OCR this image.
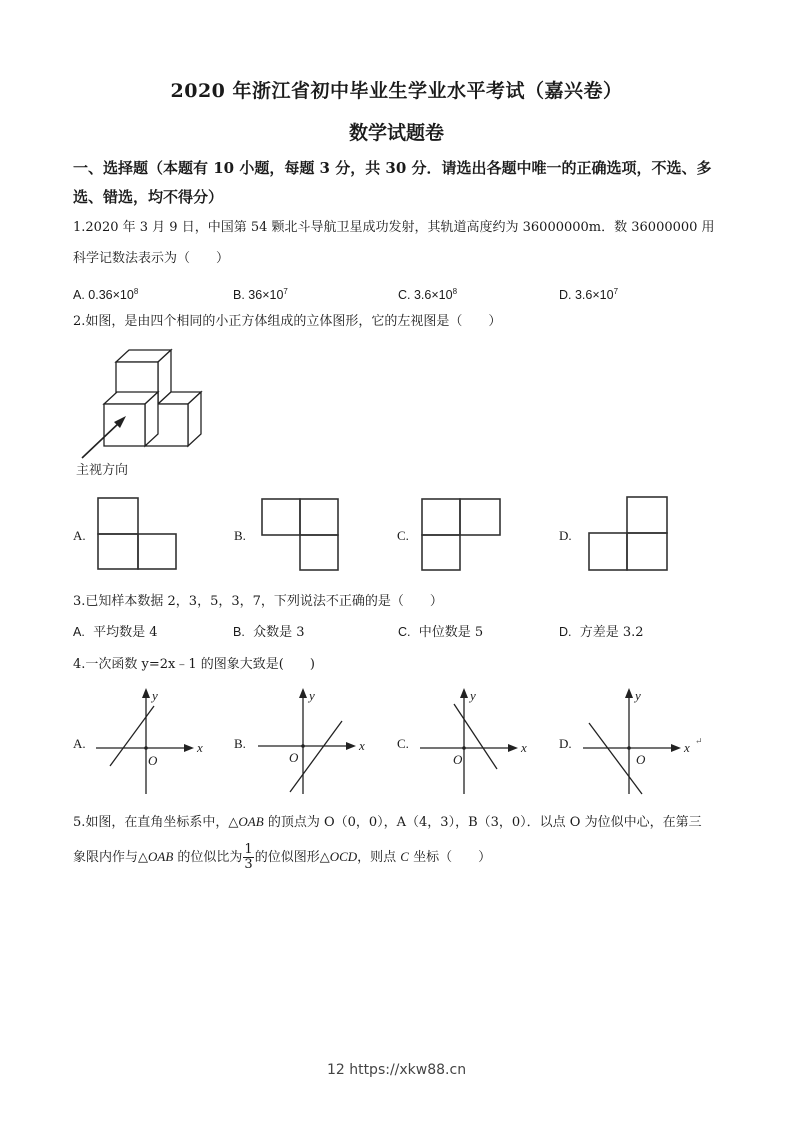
2020 年浙江省初中毕业生学业水平考试（嘉兴卷）
数学试题卷
一、选择题（本题有 10 小题，每题 3 分，共 30 分．请选出各题中唯一的正确选项，不选、多选、错选，均不得分）
1.2020 年 3 月 9 日，中国第 54 颗北斗导航卫星成功发射，其轨道高度约为 36000000m．数 36000000 用科学记数法表示为（　　）
A. $0.36\times 10^8$	B. $36\times 10^7$	C. $3.6\times 10^8$	D. $3.6\times 10^7$
2.如图，是由四个相同的小正方体组成的立体图形，它的左视图是（　　）
主视方向
A.	B.	C.	D.
3.已知样本数据 2，3，5，3，7，下列说法不正确的是（　　）
A. 平均数是 4	B. 众数是 3	C. 中位数是 5	D. 方差是 3.2
4.一次函数 y=2x﹣1 的图象大致是(　　)
A.
y
x
O
B.
y
x
O
C.
y
x
O
D.
y
x
O
↵
5.如图，在直角坐标系中，△OAB 的顶点为 O（0，0），A（4，3），B（3，0）．以点 O 为位似中心，在第三
象限内作与△OAB 的位似比为 $\frac{1}{3}$ 的位似图形△OCD，则点 C 坐标（　　）
12 https://xkw88.cn
